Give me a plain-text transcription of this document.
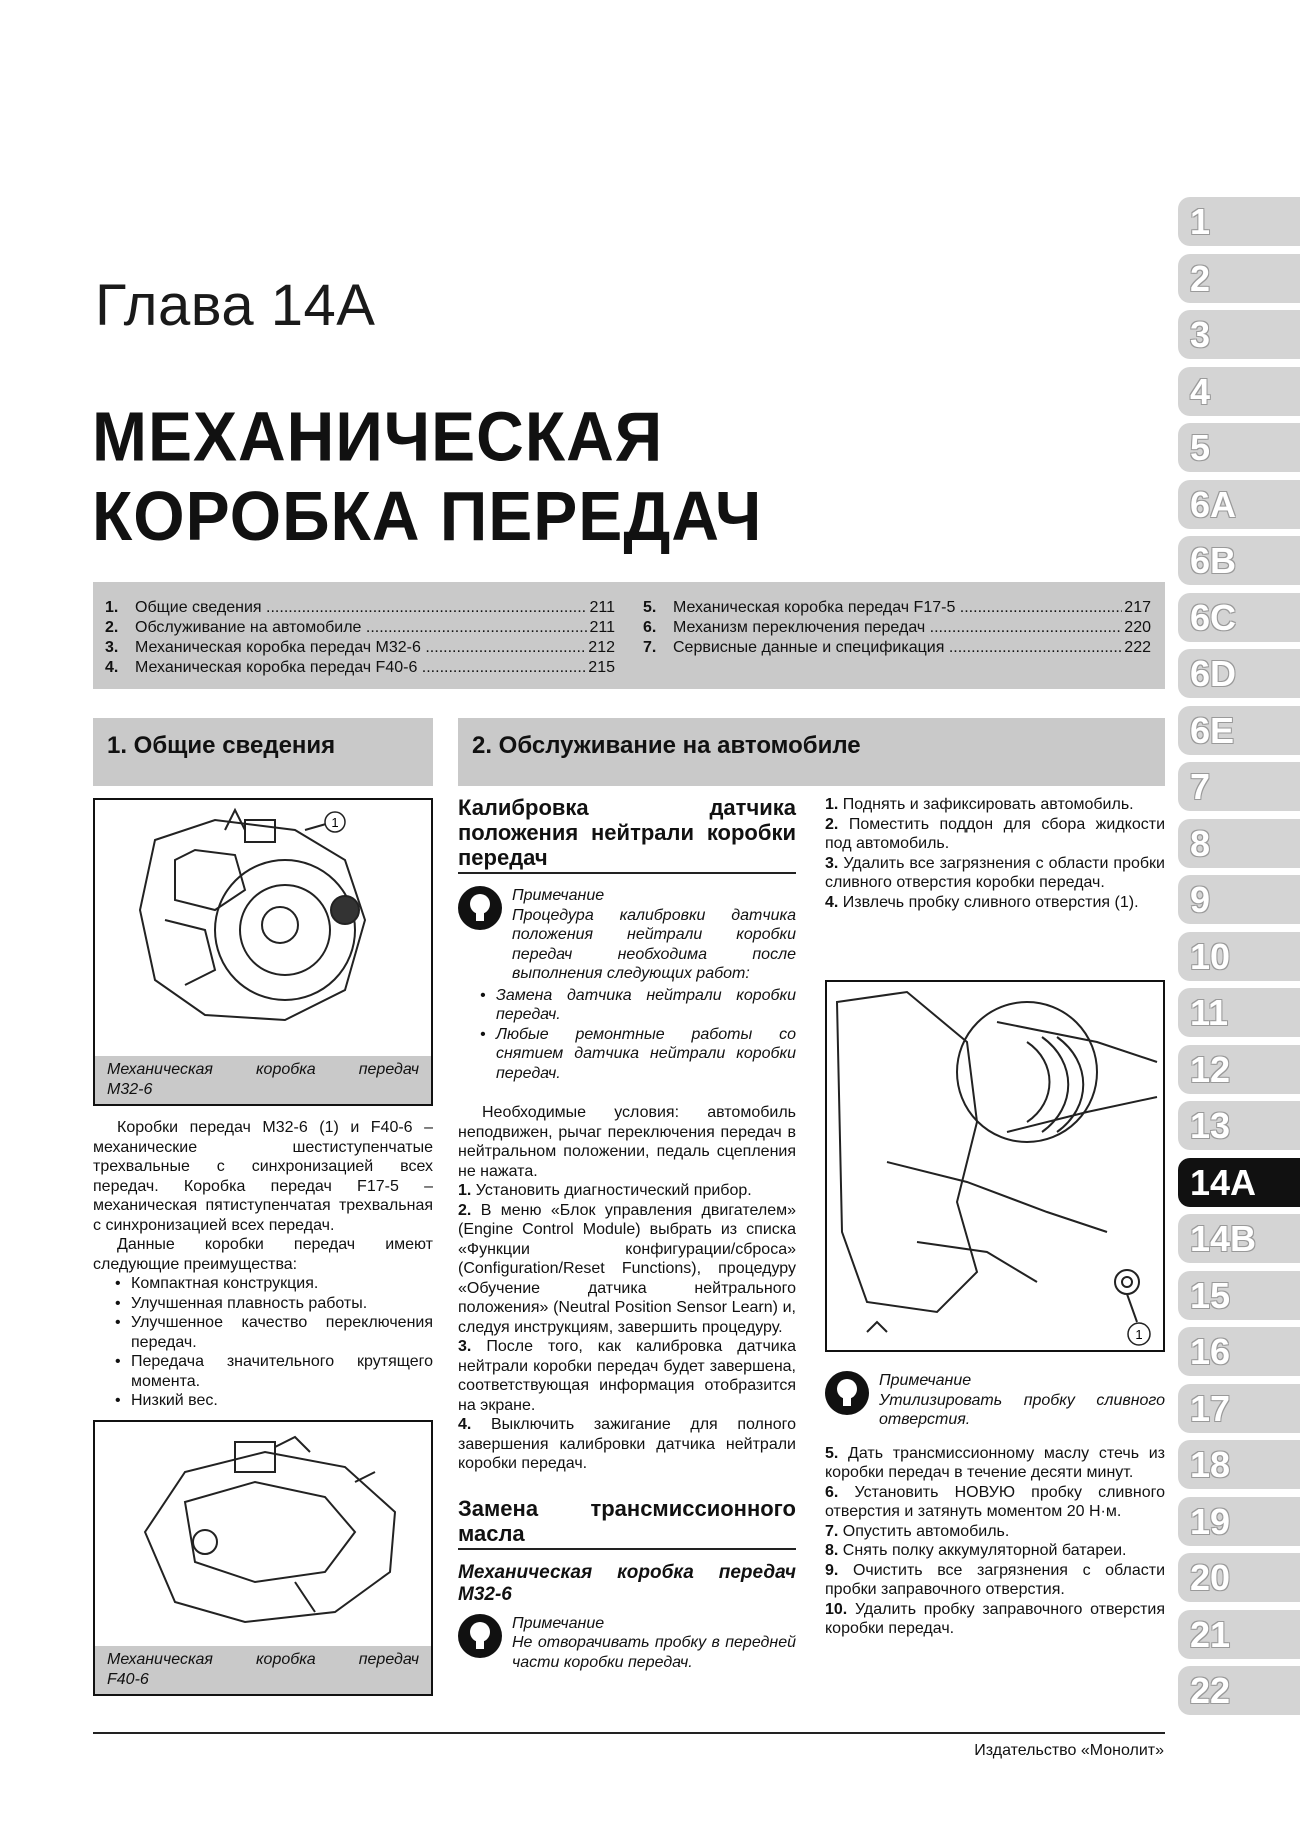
Глава 14А
МЕХАНИЧЕСКАЯ
КОРОБКА ПЕРЕДАЧ
1.	Общие сведения .....	211
2.	Обслуживание на автомобиле .....	211
3.	Механическая коробка передач М32-6 .....	212
4.	Механическая коробка передач F40-6 .....	215
5.	Механическая коробка передач F17-5 .....	217
6.	Механизм переключения передач .....	220
7.	Сервисные данные и спецификация .....	222
1. Общие сведения	2. Обслуживание на автомобиле
1
Механическая	коробка	передач
М32-6

Коробки передач М32-6 (1) и F40-6 – механические шестиступенчатые трехвальные с синхронизацией всех передач. Коробка передач F17-5 – механическая пятиступенчатая трехвальная с синхронизацией всех передач.

Данные коробки передач имеют следующие преимущества:

• Компактная конструкция.
• Улучшенная плавность работы.
• Улучшенное качество переключения передач.
• Передача значительного крутящего момента.
• Низкий вес.
Механическая	коробка	передач
F40-6
Калибровка датчика положения нейтрали коробки передач
Примечание
Процедура калибровки датчика положения нейтрали коробки передач необходима после выполнения следующих работ:
• Замена датчика нейтрали коробки передач.
• Любые ремонтные работы со снятием датчика нейтрали коробки передач.

Необходимые условия: автомобиль неподвижен, рычаг переключения передач в нейтральном положении, педаль сцепления не нажата.

1. Установить диагностический прибор.

2. В меню «Блок управления двигателем» (Engine Control Module) выбрать из списка «Функции конфигурации/сброса» (Configuration/Reset Functions), процедуру «Обучение датчика нейтрального положения» (Neutral Position Sensor Learn) и, следуя инструкциям, завершить процедуру.

3. После того, как калибровка датчика нейтрали коробки передач будет завершена, соответствующая информация отобразится на экране.

4. Выключить зажигание для полного завершения калибровки датчика нейтрали коробки передач.

Замена трансмиссионного масла
Механическая коробка передач М32-6
Примечание
Не отворачивать пробку в передней части коробки передач.

1. Поднять и зафиксировать автомобиль.

2. Поместить поддон для сбора жидкости под автомобиль.

3. Удалить все загрязнения с области пробки сливного отверстия коробки передач.

4. Извлечь пробку сливного отверстия (1).

1
Примечание
Утилизировать пробку сливного отверстия.

5. Дать трансмиссионному маслу стечь из коробки передач в течение десяти минут.

6. Установить НОВУЮ пробку сливного отверстия и затянуть моментом 20 Н·м.

7. Опустить автомобиль.

8. Снять полку аккумуляторной батареи.

9. Очистить все загрязнения с области пробки заправочного отверстия.

10. Удалить пробку заправочного отверстия коробки передач.

1
2
3
4
5
6A
6B
6C
6D
6E
7
8
9
10
11
12
13
14A
14B
15
16
17
18
19
20
21
22
Издательство «Монолит»
